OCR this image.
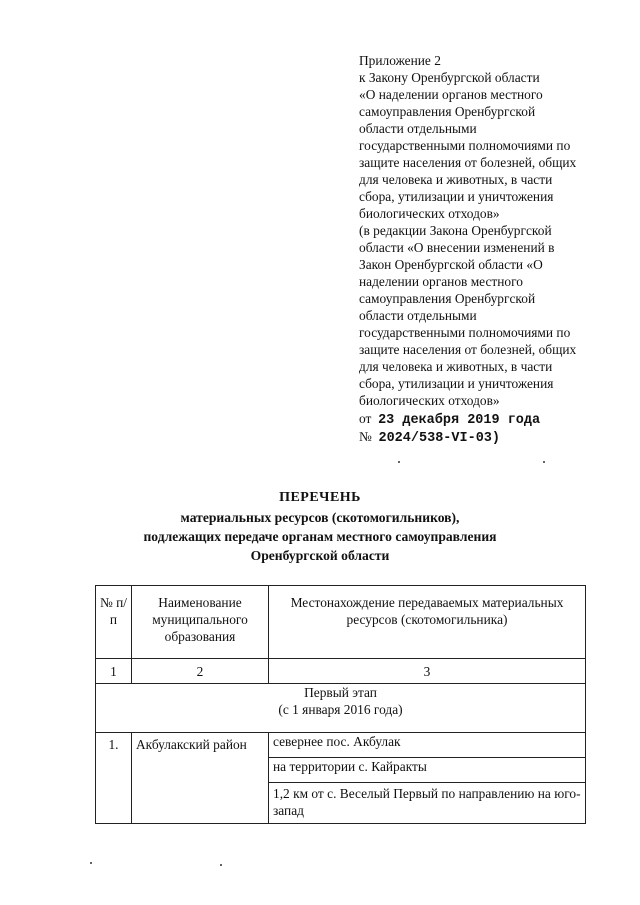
Приложение 2
к Закону Оренбургской области
«О наделении органов местного
самоуправления Оренбургской
области отдельными
государственными полномочиями по
защите населения от болезней, общих
для человека и животных, в части
сбора, утилизации и уничтожения
биологических отходов»
(в редакции Закона Оренбургской
области «О внесении изменений в
Закон Оренбургской области «О
наделении органов местного
самоуправления Оренбургской
области отдельными
государственными полномочиями по
защите населения от болезней, общих
для человека и животных, в части
сбора, утилизации и уничтожения
биологических отходов»
от 23 декабря 2019 года
№ 2024/538-VI-03)
ПЕРЕЧЕНЬ
материальных ресурсов (скотомогильников),
подлежащих передаче органам местного самоуправления
Оренбургской области
№ п/п	Наименование муниципального образования	Местонахождение передаваемых материальных ресурсов (скотомогильника)
1	2	3

Первый этап
(с 1 января 2016 года)		

1.	Акбулакский район	севернее пос. Акбулак
		на территории с. Кайракты
		1,2 км от с. Веселый Первый по направлению на юго-запад
